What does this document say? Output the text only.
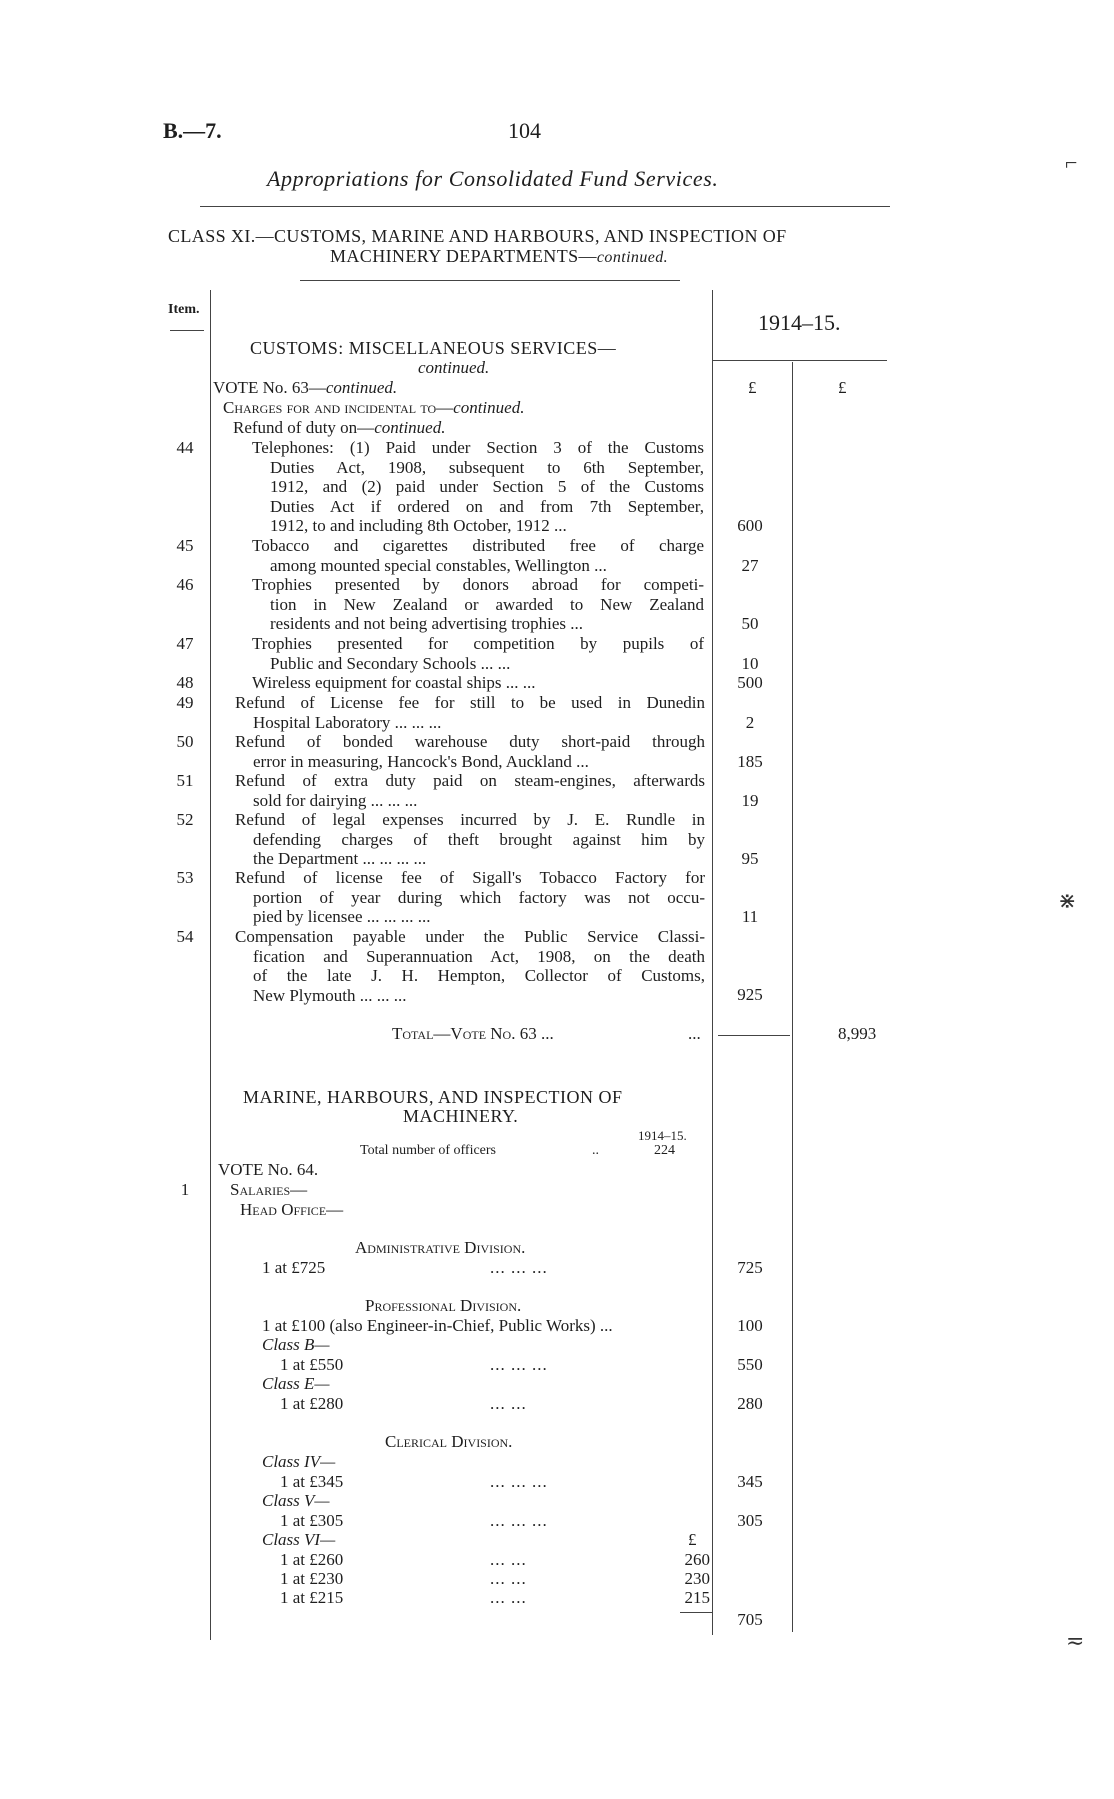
B.—7.	104
Appropriations for Consolidated Fund Services.
CLASS XI.—CUSTOMS, MARINE AND HARBOURS, AND INSPECTION OF
MACHINERY DEPARTMENTS—continued.
Item.
1914–15.
£	£
CUSTOMS: MISCELLANEOUS SERVICES—
continued.
VOTE No. 63—continued.
Charges for and incidental to—continued.
Refund of duty on—continued.
44	Telephones: (1) Paid under Section 3 of the Customs
Duties Act, 1908, subsequent to 6th September,
1912, and (2) paid under Section 5 of the Customs
Duties Act if ordered on and from 7th September,
1912, to and including 8th October, 1912 ...	600
45	Tobacco and cigarettes distributed free of charge
among mounted special constables, Wellington ...	27
46	Trophies presented by donors abroad for competi-
tion in New Zealand or awarded to New Zealand
residents and not being advertising trophies ...	50
47	Trophies presented for competition by pupils of
Public and Secondary Schools ... ...	10
48	Wireless equipment for coastal ships ... ...	500
49	Refund of License fee for still to be used in Dunedin
Hospital Laboratory ... ... ...	2
50	Refund of bonded warehouse duty short-paid through
error in measuring, Hancock's Bond, Auckland ...	185
51	Refund of extra duty paid on steam-engines, afterwards
sold for dairying ... ... ...	19
52	Refund of legal expenses incurred by J. E. Rundle in
defending charges of theft brought against him by
the Department ... ... ... ...	95
53	Refund of license fee of Sigall's Tobacco Factory for
portion of year during which factory was not occu-
pied by licensee ... ... ... ...	11
54	Compensation payable under the Public Service Classi-
fication and Superannuation Act, 1908, on the death
of the late J. H. Hempton, Collector of Customs,
New Plymouth ... ... ...	925
Total—Vote No. 63 ...	...	8,993
MARINE, HARBOURS, AND INSPECTION OF
MACHINERY.
1914–15.
Total number of officers	..	224
VOTE No. 64.
1	Salaries—
Head Office—
Administrative Division.
1 at £725	... ... ...	725
Professional Division.
1 at £100 (also Engineer-in-Chief, Public Works) ...	100
Class B—
1 at £550	... ... ...	550
Class E—
1 at £280	... ...	280
Clerical Division.
Class IV—
1 at £345	... ... ...	345
Class V—
1 at £305	... ... ...	305
Class VI—	£
1 at £260	... ...	260
1 at £230	... ...	230
1 at £215	... ...	215
705
⌐
⋇
≂
